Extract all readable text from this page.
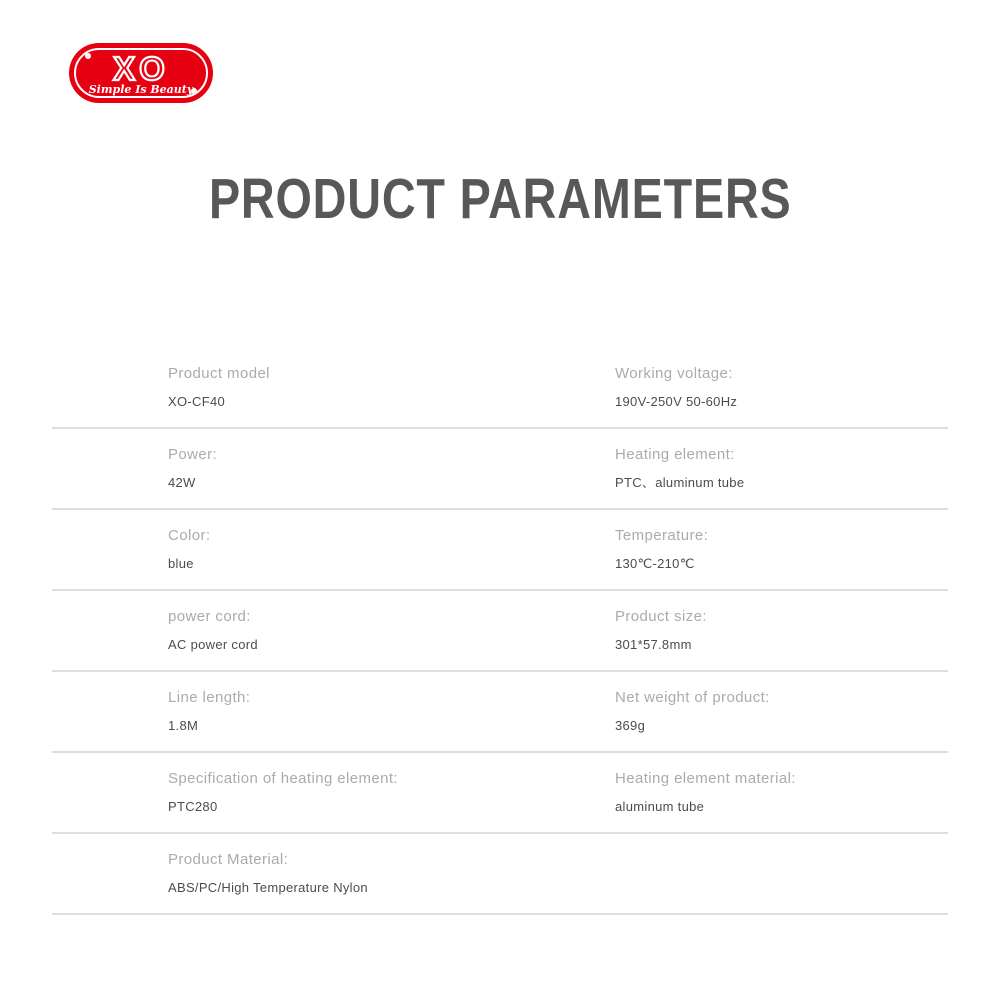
XO
Simple Is Beauty
PRODUCT PARAMETERS
Product model
XO-CF40
Working voltage:
190V-250V 50-60Hz
Power:
42W
Heating element:
PTC、aluminum tube
Color:
blue
Temperature:
130℃-210℃
power cord:
AC power cord
Product size:
301*57.8mm
Line length:
1.8M
Net weight of product:
369g
Specification of heating element:
PTC280
Heating element material:
aluminum tube
Product Material:
ABS/PC/High Temperature Nylon
